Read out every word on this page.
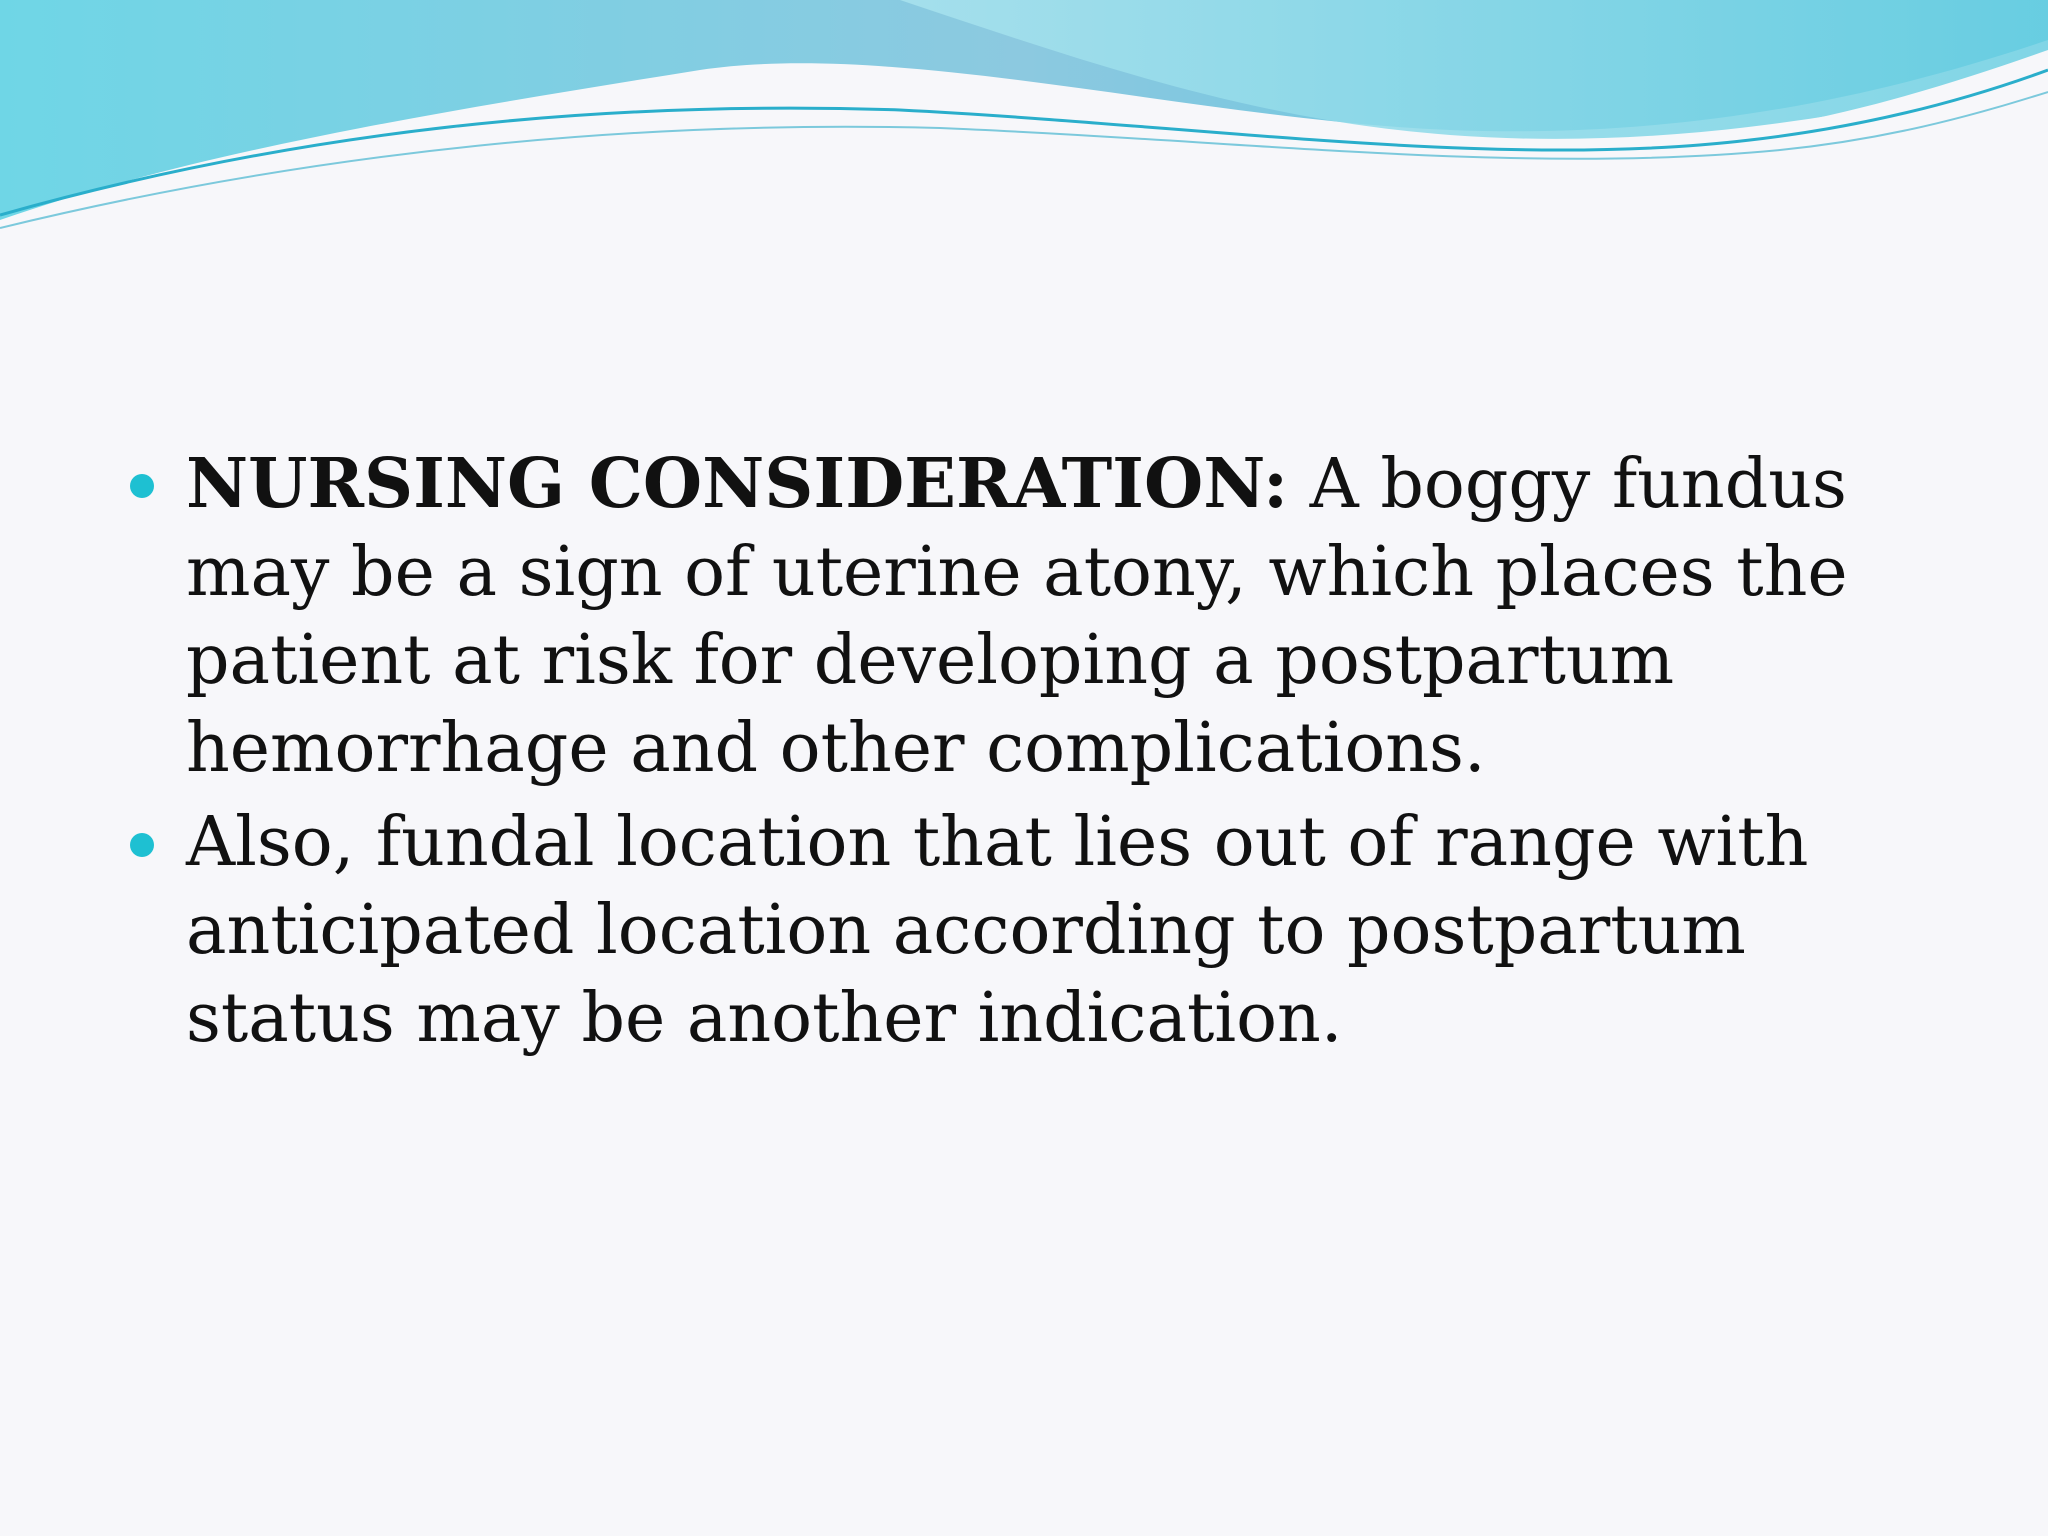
NURSING CONSIDERATION: A boggy fundus may be a sign of uterine atony, which places the patient at risk for developing a postpartum hemorrhage and other complications.
Also, fundal location that lies out of range with anticipated location according to postpartum status may be another indication.
